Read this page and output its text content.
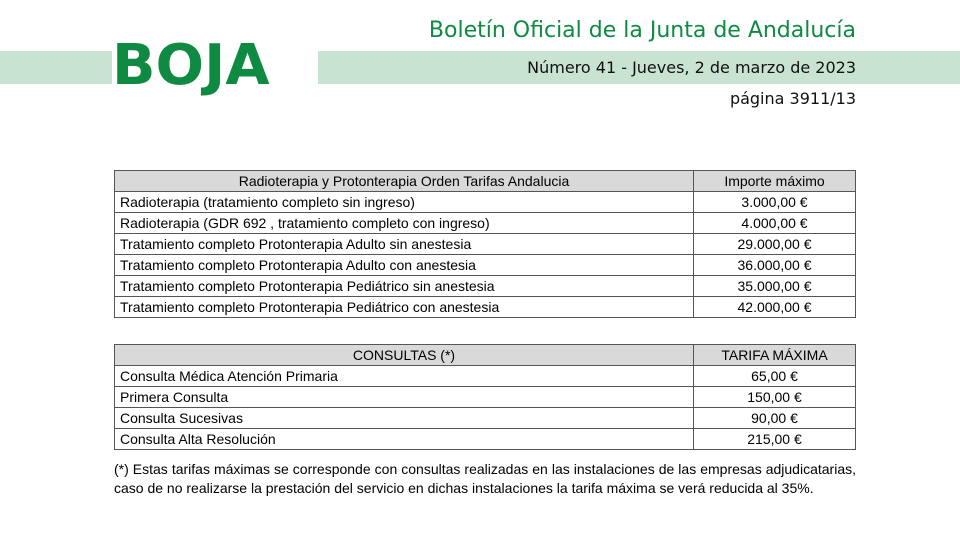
BOJA
Boletín Oficial de la Junta de Andalucía
Número 41 - Jueves, 2 de marzo de 2023
página 3911/13
Radioterapia y Protonterapia Orden Tarifas Andalucia	Importe máximo
Radioterapia (tratamiento completo sin ingreso)	3.000,00 €
Radioterapia (GDR 692 , tratamiento completo con ingreso)	4.000,00 €
Tratamiento completo Protonterapia Adulto sin anestesia	29.000,00 €
Tratamiento completo Protonterapia Adulto con anestesia	36.000,00 €
Tratamiento completo Protonterapia Pediátrico sin anestesia	35.000,00 €
Tratamiento completo Protonterapia Pediátrico con anestesia	42.000,00 €
CONSULTAS (*)	TARIFA MÁXIMA
Consulta Médica Atención Primaria	65,00 €
Primera Consulta	150,00 €
Consulta Sucesivas	90,00 €
Consulta Alta Resolución	215,00 €
(*) Estas tarifas máximas se corresponde con consultas realizadas en las instalaciones de las empresas adjudicatarias, caso de no realizarse la prestación del servicio en dichas instalaciones la tarifa máxima se verá reducida al 35%.
